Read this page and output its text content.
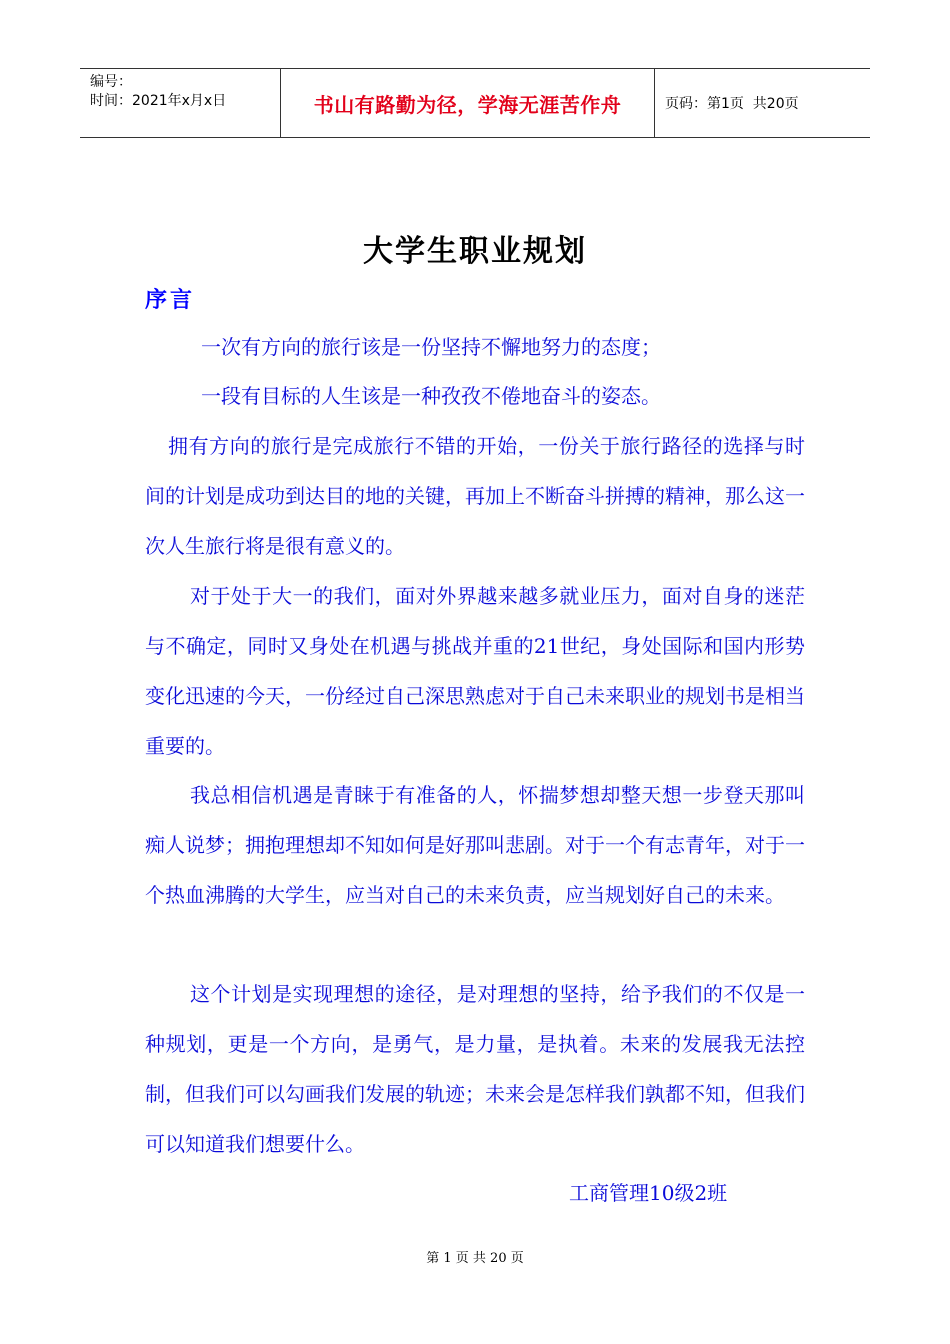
编号：
时间：2021年x月x日	书山有路勤为径，学海无涯苦作舟	页码：第1页  共20页
大学生职业规划
序言
一次有方向的旅行该是一份坚持不懈地努力的态度；
一段有目标的人生该是一种孜孜不倦地奋斗的姿态。

拥有方向的旅行是完成旅行不错的开始，一份关于旅行路径的选择与时间的计划是成功到达目的地的关键，再加上不断奋斗拼搏的精神，那么这一次人生旅行将是很有意义的。

对于处于大一的我们，面对外界越来越多就业压力，面对自身的迷茫与不确定，同时又身处在机遇与挑战并重的21世纪，身处国际和国内形势变化迅速的今天，一份经过自己深思熟虑对于自己未来职业的规划书是相当重要的。

我总相信机遇是青睐于有准备的人，怀揣梦想却整天想一步登天那叫痴人说梦；拥抱理想却不知如何是好那叫悲剧。对于一个有志青年，对于一个热血沸腾的大学生，应当对自己的未来负责，应当规划好自己的未来。

这个计划是实现理想的途径，是对理想的坚持，给予我们的不仅是一种规划，更是一个方向，是勇气，是力量，是执着。未来的发展我无法控制，但我们可以勾画我们发展的轨迹；未来会是怎样我们孰都不知，但我们可以知道我们想要什么。

工商管理10级2班
第 1 页 共 20 页
